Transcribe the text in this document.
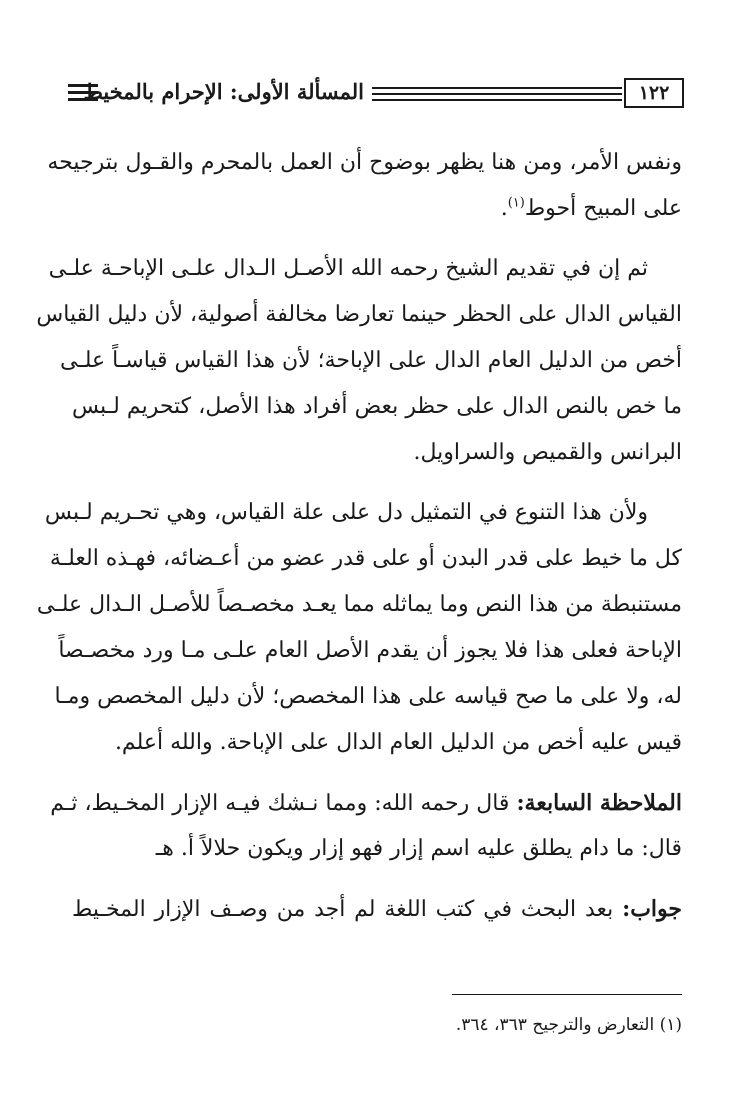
١٢٢
المسألة الأولى: الإحرام بالمخيط
ونفس الأمر، ومن هنا يظهر بوضوح أن العمل بالمحرم والقـول بترجيحه
على المبيح أحوط$^{(١)}$.
ثم إن في تقديم الشيخ رحمه الله الأصـل الـدال علـى الإباحـة علـى
القياس الدال على الحظر حينما تعارضا مخالفة أصولية، لأن دليل القياس
أخص من الدليل العام الدال على الإباحة؛ لأن هذا القياس قياسـاً علـى
ما خص بالنص الدال على حظر بعض أفراد هذا الأصل، كتحريم لـبس
البرانس والقميص والسراويل.
ولأن هذا التنوع في التمثيل دل على علة القياس، وهي تحـريم لـبس
كل ما خيط على قدر البدن أو على قدر عضو من أعـضائه، فهـذه العلـة
مستنبطة من هذا النص وما يماثله مما يعـد مخصـصاً للأصـل الـدال علـى
الإباحة فعلى هذا فلا يجوز أن يقدم الأصل العام علـى مـا ورد مخصـصاً
له، ولا على ما صح قياسه على هذا المخصص؛ لأن دليل المخصص ومـا
قيس عليه أخص من الدليل العام الدال على الإباحة. والله أعلم.
الملاحظة السابعة: قال رحمه الله: ومما نـشك فيـه الإزار المخـيط، ثـم
قال: ما دام يطلق عليه اسم إزار فهو إزار ويكون حلالاً أ. هـ
جواب: بعد البحث في كتب اللغة لم أجد من وصـف الإزار المخـيط
(١) التعارض والترجيح ٣٦٣، ٣٦٤.
